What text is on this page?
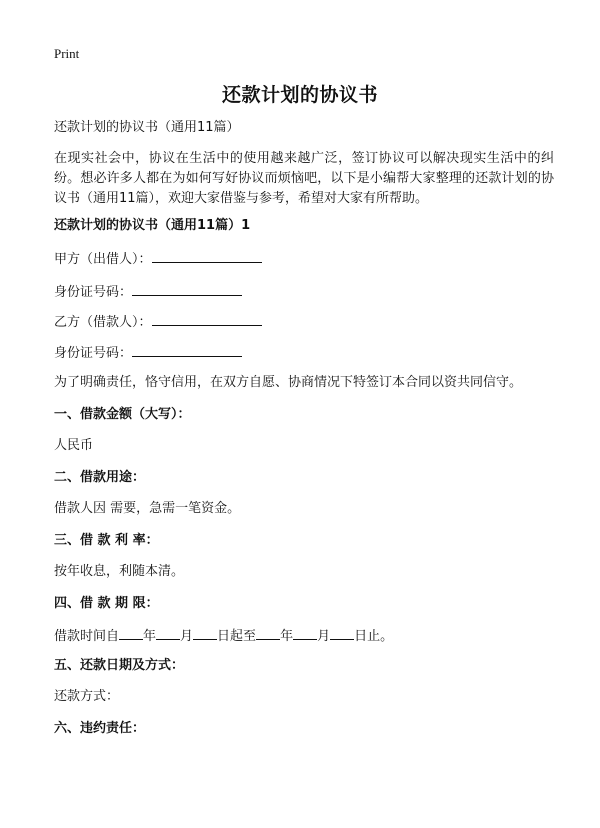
Print
还款计划的协议书
还款计划的协议书（通用11篇）
在现实社会中，协议在生活中的使用越来越广泛，签订协议可以解决现实生活中的纠纷。想必许多人都在为如何写好协议而烦恼吧，以下是小编帮大家整理的还款计划的协议书（通用11篇），欢迎大家借鉴与参考，希望对大家有所帮助。
还款计划的协议书（通用11篇）1
甲方（出借人）：
身份证号码：
乙方（借款人）：
身份证号码：
为了明确责任，恪守信用，在双方自愿、协商情况下特签订本合同以资共同信守。
一、借款金额（大写）：
人民币
二、借款用途：
借款人因 需要，急需一笔资金。
三、借 款 利 率：
按年收息，利随本清。
四、借 款 期 限：
借款时间自 年 月 日起至 年 月 日止。
五、还款日期及方式：
还款方式：
六、违约责任：
